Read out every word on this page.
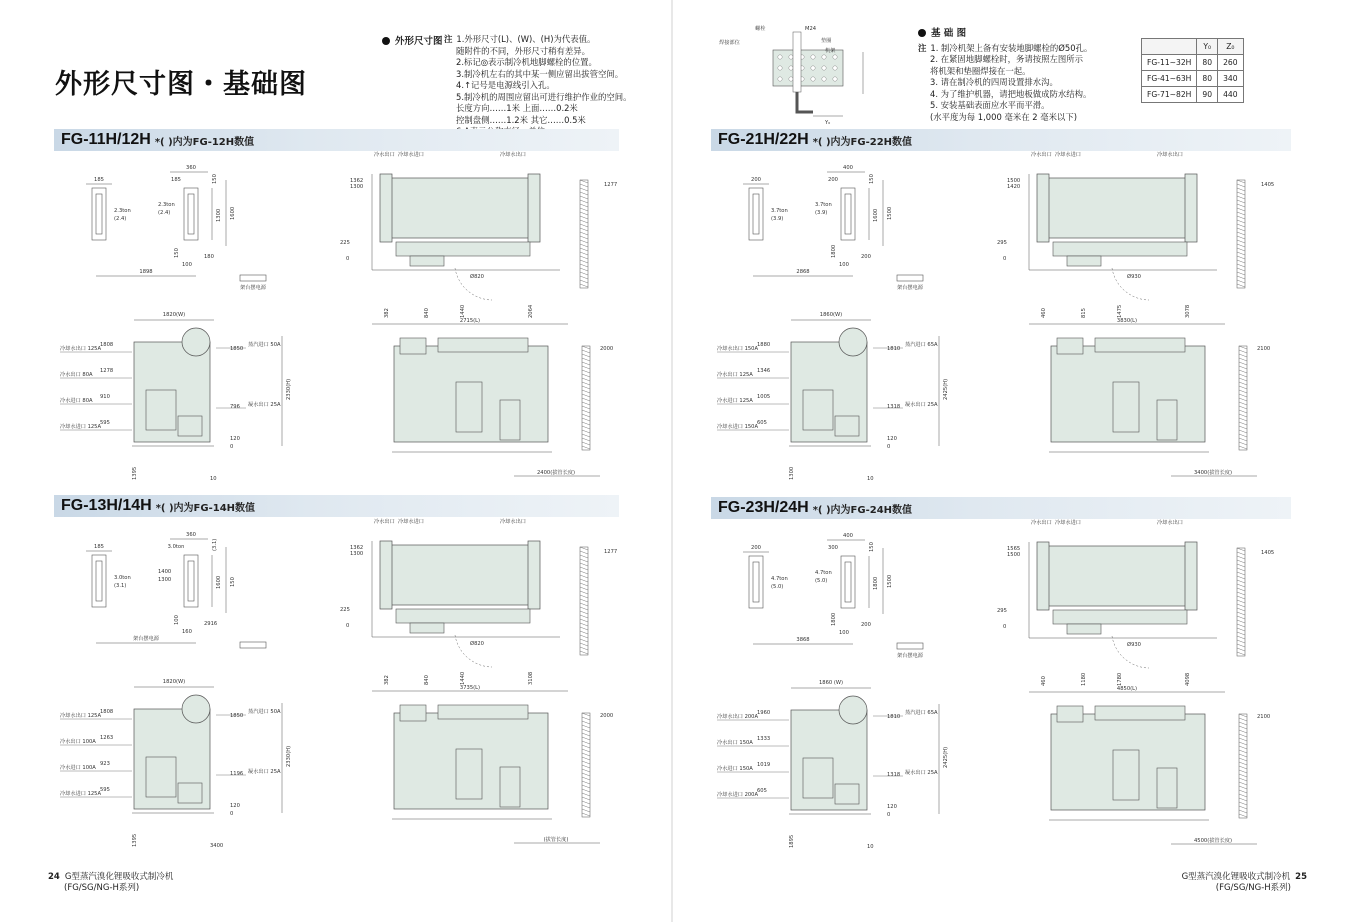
外形尺寸图・基础图
外形尺寸图 注 1.外形尺寸(L)、(W)、(H)为代表值。
随附件的不同，外形尺寸稍有差异。
2.标记◎表示制冷机地脚螺栓的位置。
3.制冷机左右的其中某一侧应留出拔管空间。
4.↑记号是电源线引入孔。
5.制冷机的周围应留出可进行维护作业的空间。
长度方向……1米 上面……0.2米
控制盘侧……1.2米 其它……0.5米
FG-11H/12H *( )内为FG-12H数值
FG-13H/14H *( )内为FG-14H数值
185
360
185	150
2.3ton
(2.4)
2.3ton
(2.4)	1300 1600
150
100
180
1898
架台摆电源
冷水出口 冷却水进口	冷却水出口
1362
1300
225
0
1277
382	840	1440	2064
Ø820
2715(L)
1820(W)
冷却水出口 125A
冷水出口 80A
冷水进口 80A
冷却水进口 125A
1808
1278
910
595
蒸汽进口 50A
凝水出口 25A
1850
796
120
0
2330(H)
2000
1395	10
2400(拔管长度)
185
360
3.0ton	(3.1)
3.0ton
(3.1)
1400
1300	1600 150
100
160
2916
架台摆电源
冷水出口 冷却水进口	冷却水出口
1362
1300
225
0
1277
382	840	1440	3108
Ø820
3735(L)
1820(W)
冷却水出口 125A
冷水出口 100A
冷水进口 100A
冷却水进口 125A
1808
1263
923
595
蒸汽进口 50A
凝水出口 25A
1850
1196
120
0
2330(H)
2000
1395	3400
(拔管长度)
24 G型蒸汽溴化锂吸收式制冷机
(FG/SG/NG-H系列)
螺栓	M24
焊接部位	垫圈
机架
Y₀
基 础 图
注 1. 制冷机架上备有安装地脚螺栓的Ø50孔。
2. 在紧固地脚螺栓时，务请按照左图所示
将机架和垫圈焊接在一起。
3. 请在制冷机的四周设置排水沟。
4. 为了维护机器，请把地板做成防水结构。
5. 安装基础表面应水平而平滑。
(水平度为每 1,000 毫米在 2 毫米以下)
	Y₀	Z₀
FG-11~32H	80	260
FG-41~63H	80	340
FG-71~82H	90	440
FG-21H/22H *( )内为FG-22H数值
FG-23H/24H *( )内为FG-24H数值
200
400
200	150
3.7ton
(3.9)
3.7ton
(3.9)	1600 1500
1800
100
200
2868
架台摆电源
冷水出口 冷却水进口	冷却水出口
1500
1420
295
0
1405
460	815	1475	3078
Ø930
3830(L)
1860(W)
冷却水出口 150A
冷水出口 125A
冷水进口 125A
冷却水进口 150A
1880
1346
1005
605
蒸汽进口 65A
凝水出口 25A
1810
1318
120
0
2425(H)
2100
1300	10
3400(拔管长度)
200
400
300	150
4.7ton
(5.0)
4.7ton
(5.0)	1800 1500
1800
100
200
3868
架台摆电源
冷水出口 冷却水进口	冷却水出口
1565
1500
295
0
1405
460	1180	1780	4098
Ø930
4850(L)
1860 (W)
冷却水出口 200A
冷水出口 150A
冷水进口 150A
冷却水进口 200A
1960
1333
1019
605
蒸汽进口 65A
凝水出口 25A
1810
1318
120
0
2425(H)
2100
1895	10
4500(拔管长度)
G型蒸汽溴化锂吸收式制冷机 25
(FG/SG/NG-H系列)
